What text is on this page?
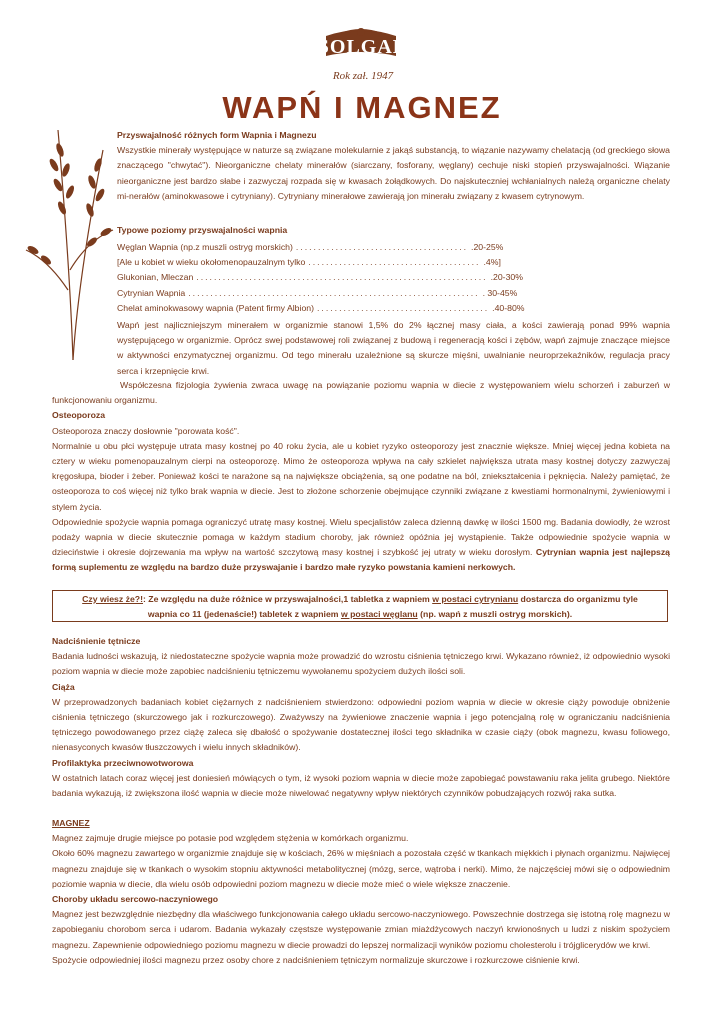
SOLGAR
Rok zał. 1947
WAPŃ I MAGNEZ

Przyswajalność różnych form Wapnia i Magnezu

Wszystkie minerały występujące w naturze są związane molekularnie z jakąś substancją, to wiązanie nazywamy chelatacją (od greckiego słowa znaczącego "chwytać"). Nieorganiczne chelaty minerałów (siarczany, fosforany, węglany) cechuje niski stopień przyswajalności. Wiązanie nieorganiczne jest bardzo słabe i zazwyczaj rozpada się w kwasach żołądkowych. Do najskuteczniej wchłanialnych należą organiczne chelaty mi-nerałów (aminokwasowe i cytryniany). Cytryniany minerałowe zawierają jon minerału związany z kwasem cytrynowym.

Typowe poziomy przyswajalności wapnia

Węglan Wapnia (np.z muszli ostryg morskich) ....................................... .20-25%
[Ale u kobiet w wieku okołomenopauzalnym tylko ....................................... .4%]
Glukonian, Mleczan .................................................................. .20-30%
Cytrynian Wapnia .................................................................. . 30-45%
Chelat aminokwasowy wapnia (Patent firmy Albion) ....................................... .40-80%

Wapń jest najliczniejszym minerałem w organizmie stanowi 1,5% do 2% łącznej masy ciała, a kości zawierają ponad 99% wapnia występującego w organizmie. Oprócz swej podstawowej roli związanej z budową i regeneracją kości i zębów, wapń zajmuje znaczące miejsce w aktywności enzymatycznej organizmu. Od tego minerału uzależnione są skurcze mięśni, uwalnianie neuroprzekaźników, regulacja pracy serca i krzepnięcie krwi.

Współczesna fizjologia żywienia zwraca uwagę na powiązanie poziomu wapnia w diecie z występowaniem wielu schorzeń i zaburzeń w funkcjonowaniu organizmu.

Osteoporoza

Osteoporoza znaczy dosłownie "porowata kość".

Normalnie u obu płci występuje utrata masy kostnej po 40 roku życia, ale u kobiet ryzyko osteoporozy jest znacznie większe. Mniej więcej jedna kobieta na cztery w wieku pomenopauzalnym cierpi na osteoporozę. Mimo że osteoporoza wpływa na cały szkielet największa utrata masy kostnej dotyczy zazwyczaj kręgosłupa, bioder i żeber. Ponieważ kości te narażone są na największe obciążenia, są one podatne na ból, zniekształcenia i pęknięcia. Należy pamiętać, że osteoporoza to coś więcej niż tylko brak wapnia w diecie. Jest to złożone schorzenie obejmujące czynniki związane z kwestiami hormonalnymi, żywieniowymi i stylem życia.

Odpowiednie spożycie wapnia pomaga ograniczyć utratę masy kostnej. Wielu specjalistów zaleca dzienną dawkę w ilości 1500 mg. Badania dowiodły, że wzrost podaży wapnia w diecie skutecznie pomaga w każdym stadium choroby, jak również opóźnia jej wystąpienie. Także odpowiednie spożycie wapnia w dzieciństwie i okresie dojrzewania ma wpływ na wartość szczytową masy kostnej i szybkość jej utraty w wieku dorosłym. Cytrynian wapnia jest najlepszą formą suplementu ze względu na bardzo duże przyswajanie i bardzo małe ryzyko powstania kamieni nerkowych.

Czy wiesz że?!: Ze względu na duże różnice w przyswajalności,1 tabletka z wapniem w postaci cytrynianu dostarcza do organizmu tyle
wapnia co 11 (jedenaście!) tabletek z wapniem w postaci węglanu (np. wapń z muszli ostryg morskich).

Nadciśnienie tętnicze

Badania ludności wskazują, iż niedostateczne spożycie wapnia może prowadzić do wzrostu ciśnienia tętniczego krwi. Wykazano również, iż odpowiednio wysoki poziom wapnia w diecie może zapobiec nadciśnieniu tętniczemu wywołanemu spożyciem dużych ilości soli.

Ciąża

W przeprowadzonych badaniach kobiet ciężarnych z nadciśnieniem stwierdzono: odpowiedni poziom wapnia w diecie w okresie ciąży powoduje obniżenie ciśnienia tętniczego (skurczowego jak i rozkurczowego). Zważywszy na żywieniowe znaczenie wapnia i jego potencjalną rolę w ograniczaniu nadciśnienia tętniczego powodowanego przez ciążę zaleca się dbałość o spożywanie dostatecznej ilości tego składnika w czasie ciąży (obok magnezu, kwasu foliowego, nienasyconych kwasów tłuszczowych i wielu innych składników).

Profilaktyka przeciwnowotworowa

W ostatnich latach coraz więcej jest doniesień mówiących o tym, iż wysoki poziom wapnia w diecie może zapobiegać powstawaniu raka jelita grubego. Niektóre badania wykazują, iż zwiększona ilość wapnia w diecie może niwelować negatywny wpływ niektórych czynników pobudzających rozwój raka sutka.

MAGNEZ

Magnez zajmuje drugie miejsce po potasie pod względem stężenia w komórkach organizmu.

Około 60% magnezu zawartego w organizmie znajduje się w kościach, 26% w mięśniach a pozostała część w tkankach miękkich i płynach organizmu. Najwięcej magnezu znajduje się w tkankach o wysokim stopniu aktywności metabolitycznej (mózg, serce, wątroba i nerki). Mimo, że najczęściej mówi się o odpowiednim poziomie wapnia w diecie, dla wielu osób odpowiedni poziom magnezu w diecie może mieć o wiele większe znaczenie.

Choroby układu sercowo-naczyniowego

Magnez jest bezwzględnie niezbędny dla właściwego funkcjonowania całego układu sercowo-naczyniowego. Powszechnie dostrzega się istotną rolę magnezu w zapobieganiu chorobom serca i udarom. Badania wykazały częstsze występowanie zmian miażdżycowych naczyń krwionośnych u ludzi z niskim spożyciem magnezu. Zapewnienie odpowiedniego poziomu magnezu w diecie prowadzi do lepszej normalizacji wyników poziomu cholesterolu i trójglicerydów we krwi.

Spożycie odpowiedniej ilości magnezu przez osoby chore z nadciśnieniem tętniczym normalizuje skurczowe i rozkurczowe ciśnienie krwi.
